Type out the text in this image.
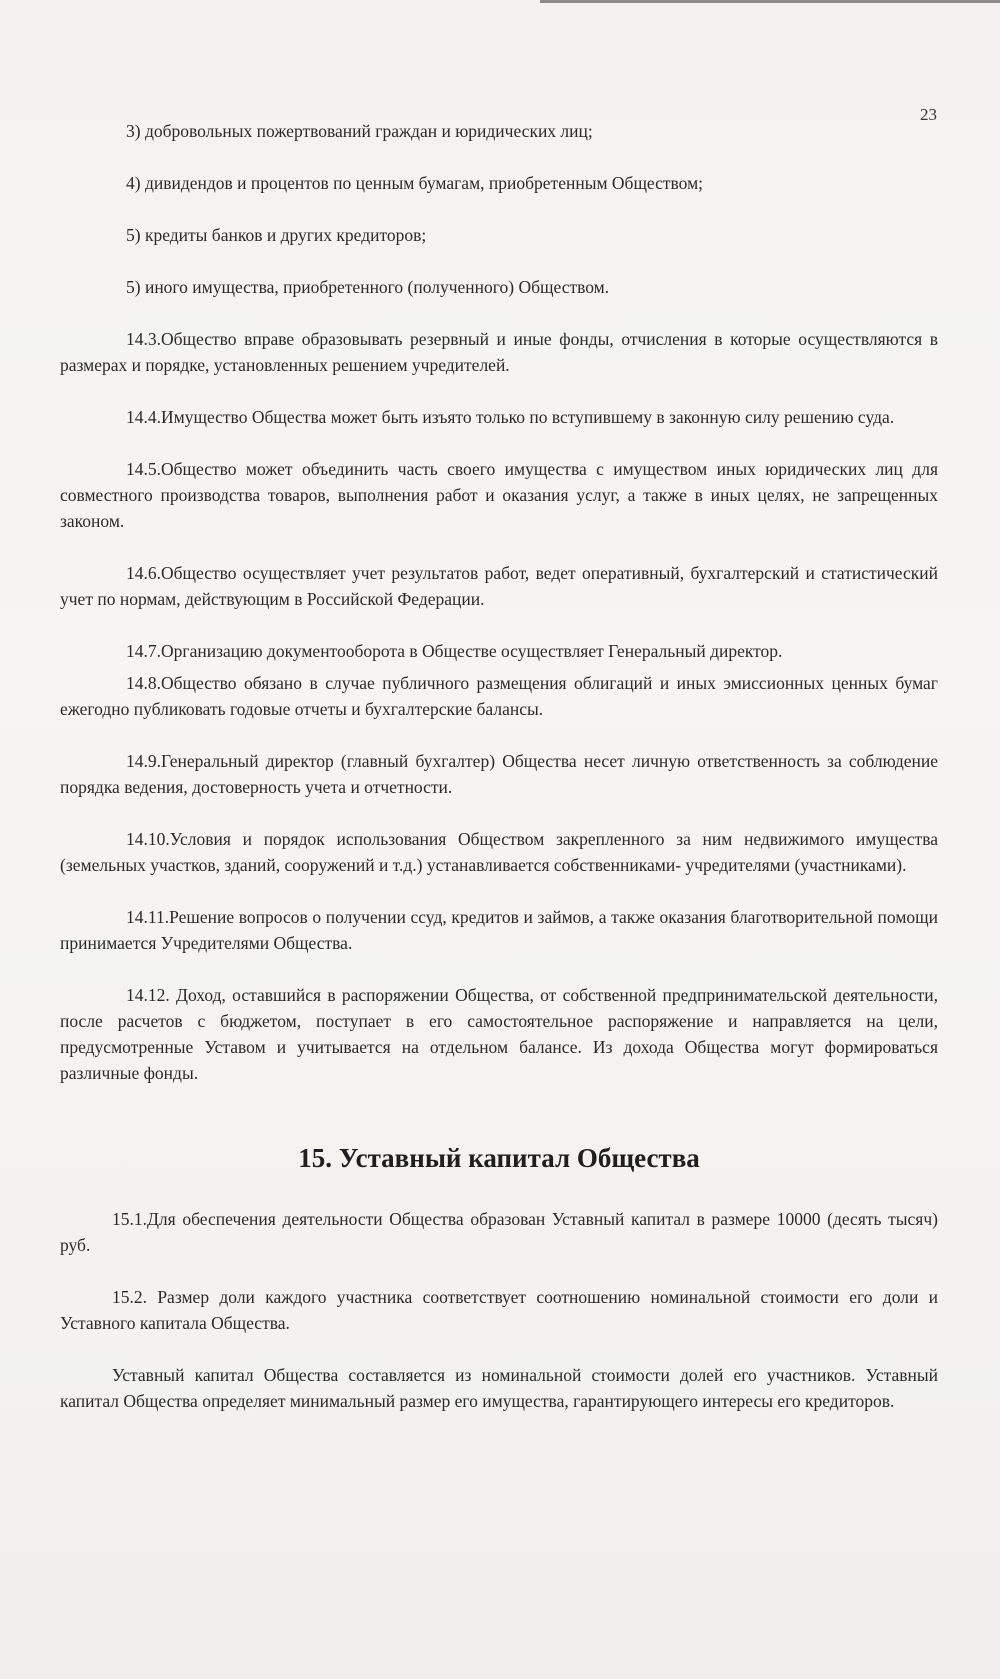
23
3) добровольных пожертвований граждан и юридических лиц;
4) дивидендов и процентов по ценным бумагам, приобретенным Обществом;
5) кредиты банков и других кредиторов;
5) иного имущества, приобретенного (полученного) Обществом.

14.3.Общество вправе образовывать резервный и иные фонды, отчисления в которые осуществляются в размерах и порядке, установленных решением учредителей.

14.4.Имущество Общества может быть изъято только по вступившему в законную силу решению суда.

14.5.Общество может объединить часть своего имущества с имуществом иных юридических лиц для совместного производства товаров, выполнения работ и оказания услуг, а также в иных целях, не запрещенных законом.

14.6.Общество осуществляет учет результатов работ, ведет оперативный, бухгалтерский и статистический учет по нормам, действующим в Российской Федерации.

14.7.Организацию документооборота в Обществе осуществляет Генеральный директор.

14.8.Общество обязано в случае публичного размещения облигаций и иных эмиссионных ценных бумаг ежегодно публиковать годовые отчеты и бухгалтерские балансы.

14.9.Генеральный директор (главный бухгалтер) Общества несет личную ответственность за соблюдение порядка ведения, достоверность учета и отчетности.

14.10.Условия и порядок использования Обществом закрепленного за ним недвижимого имущества (земельных участков, зданий, сооружений и т.д.) устанавливается собственниками- учредителями (участниками).

14.11.Решение вопросов о получении ссуд, кредитов и займов, а также оказания благотворительной помощи принимается Учредителями Общества.

14.12. Доход, оставшийся в распоряжении Общества, от собственной предпринимательской деятельности, после расчетов с бюджетом, поступает в его самостоятельное распоряжение и направляется на цели, предусмотренные Уставом и учитывается на отдельном балансе. Из дохода Общества могут формироваться различные фонды.

15. Уставный капитал Общества

15.1.Для обеспечения деятельности Общества образован Уставный капитал в размере 10000 (десять тысяч) руб.

15.2. Размер доли каждого участника соответствует соотношению номинальной стоимости его доли и Уставного капитала Общества.

Уставный капитал Общества составляется из номинальной стоимости долей его участников. Уставный капитал Общества определяет минимальный размер его имущества, гарантирующего интересы его кредиторов.
